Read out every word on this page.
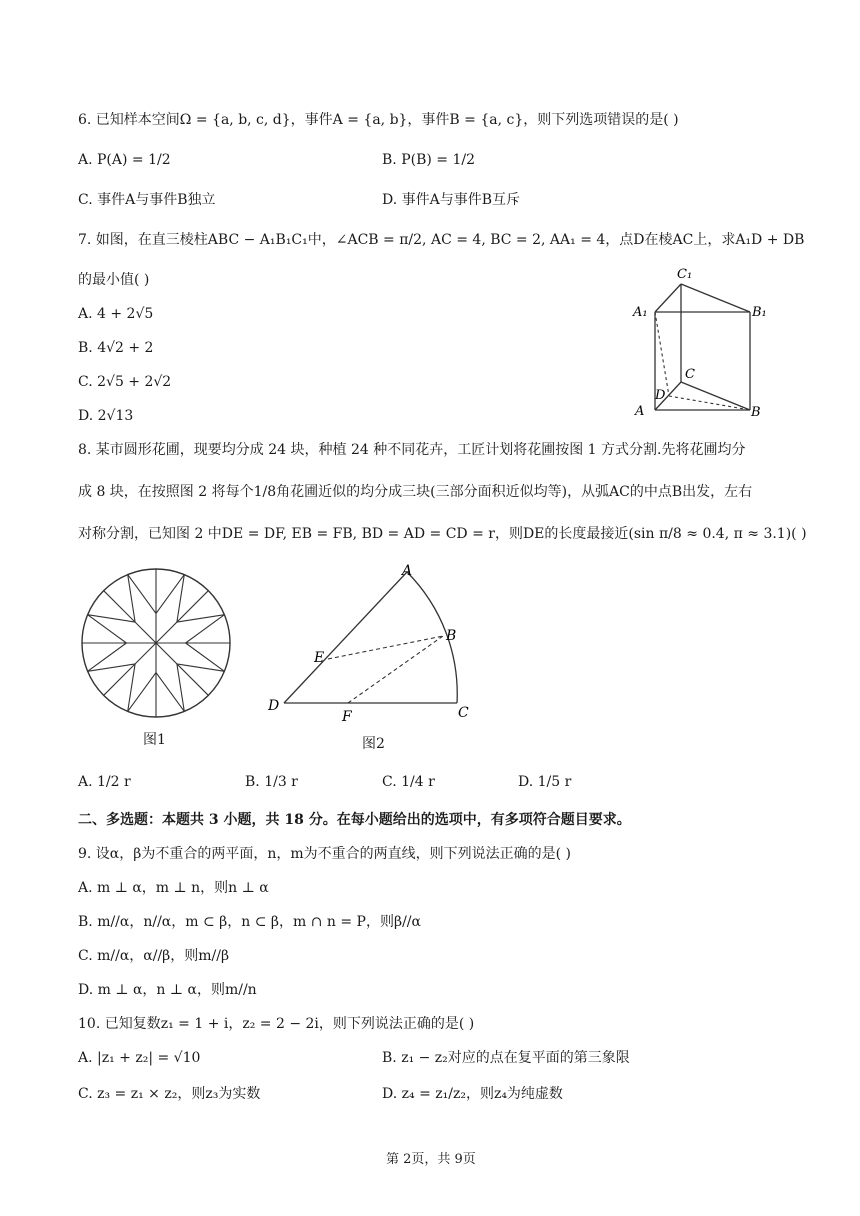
6. 已知样本空间Ω = {a, b, c, d}，事件A = {a, b}，事件B = {a, c}，则下列选项错误的是( )
A. P(A) = 1/2	B. P(B) = 1/2
C. 事件A与事件B独立	D. 事件A与事件B互斥
7. 如图，在直三棱柱ABC − A₁B₁C₁中，∠ACB = π/2, AC = 4, BC = 2, AA₁ = 4，点D在棱AC上，求A₁D + DB
的最小值( )
A. 4 + 2√5
B. 4√2 + 2
C. 2√5 + 2√2
D. 2√13
C₁
A₁	B₁
C
D
A	B
8. 某市圆形花圃，现要均分成 24 块，种植 24 种不同花卉，工匠计划将花圃按图 1 方式分割.先将花圃均分
成 8 块，在按照图 2 将每个1/8角花圃近似的均分成三块(三部分面积近似均等)，从弧AC的中点B出发，左右
对称分割，已知图 2 中DE = DF, EB = FB, BD = AD = CD = r，则DE的长度最接近(sin π/8 ≈ 0.4, π ≈ 3.1)( )
图1
A
B
C
D
E
F
图2
A. 1/2 r	B. 1/3 r	C. 1/4 r	D. 1/5 r
二、多选题：本题共 3 小题，共 18 分。在每小题给出的选项中，有多项符合题目要求。
9. 设α，β为不重合的两平面，n，m为不重合的两直线，则下列说法正确的是( )
A. m ⊥ α，m ⊥ n，则n ⊥ α
B. m//α，n//α，m ⊂ β，n ⊂ β，m ∩ n = P，则β//α
C. m//α，α//β，则m//β
D. m ⊥ α，n ⊥ α，则m//n
10. 已知复数z₁ = 1 + i，z₂ = 2 − 2i，则下列说法正确的是( )
A. |z₁ + z₂| = √10	B. z₁ − z₂对应的点在复平面的第三象限
C. z₃ = z₁ × z₂，则z₃为实数	D. z₄ = z₁/z₂，则z₄为纯虚数
第 2页，共 9页
